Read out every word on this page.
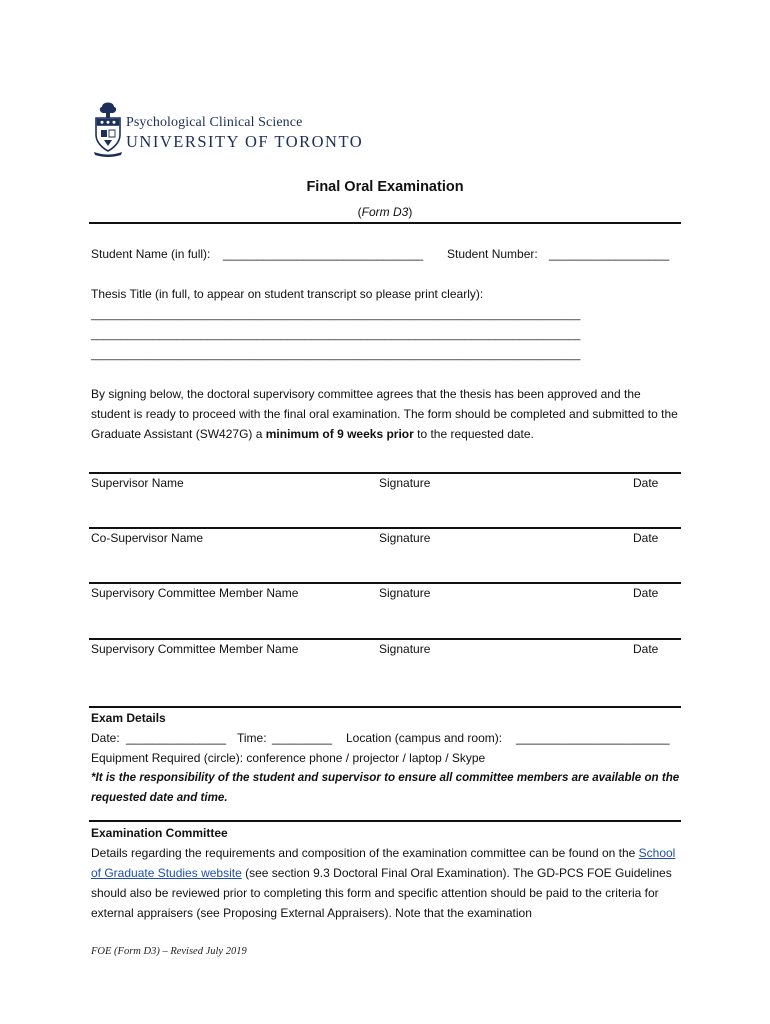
Psychological Clinical Science
UNIVERSITY OF TORONTO
Final Oral Examination
(Form D3)
Student Name (in full): ______________________________ Student Number: __________________
Thesis Title (in full, to appear on student transcript so please print clearly):
________________________________________________________________________________
________________________________________________________________________________
________________________________________________________________________________
By signing below, the doctoral supervisory committee agrees that the thesis has been approved and the student is ready to proceed with the final oral examination. The form should be completed and submitted to the Graduate Assistant (SW427G) a minimum of 9 weeks prior to the requested date.
Supervisor Name	Signature	Date
Co-Supervisor Name	Signature	Date
Supervisory Committee Member Name	Signature	Date
Supervisory Committee Member Name	Signature	Date
Exam Details
Date: _______________ Time: _________ Location (campus and room): _______________________
Equipment Required (circle): conference phone / projector / laptop / Skype
*It is the responsibility of the student and supervisor to ensure all committee members are available on the requested date and time.
Examination Committee
Details regarding the requirements and composition of the examination committee can be found on the School of Graduate Studies website (see section 9.3 Doctoral Final Oral Examination). The GD-PCS FOE Guidelines should also be reviewed prior to completing this form and specific attention should be paid to the criteria for external appraisers (see Proposing External Appraisers). Note that the examination
FOE (Form D3) – Revised July 2019
